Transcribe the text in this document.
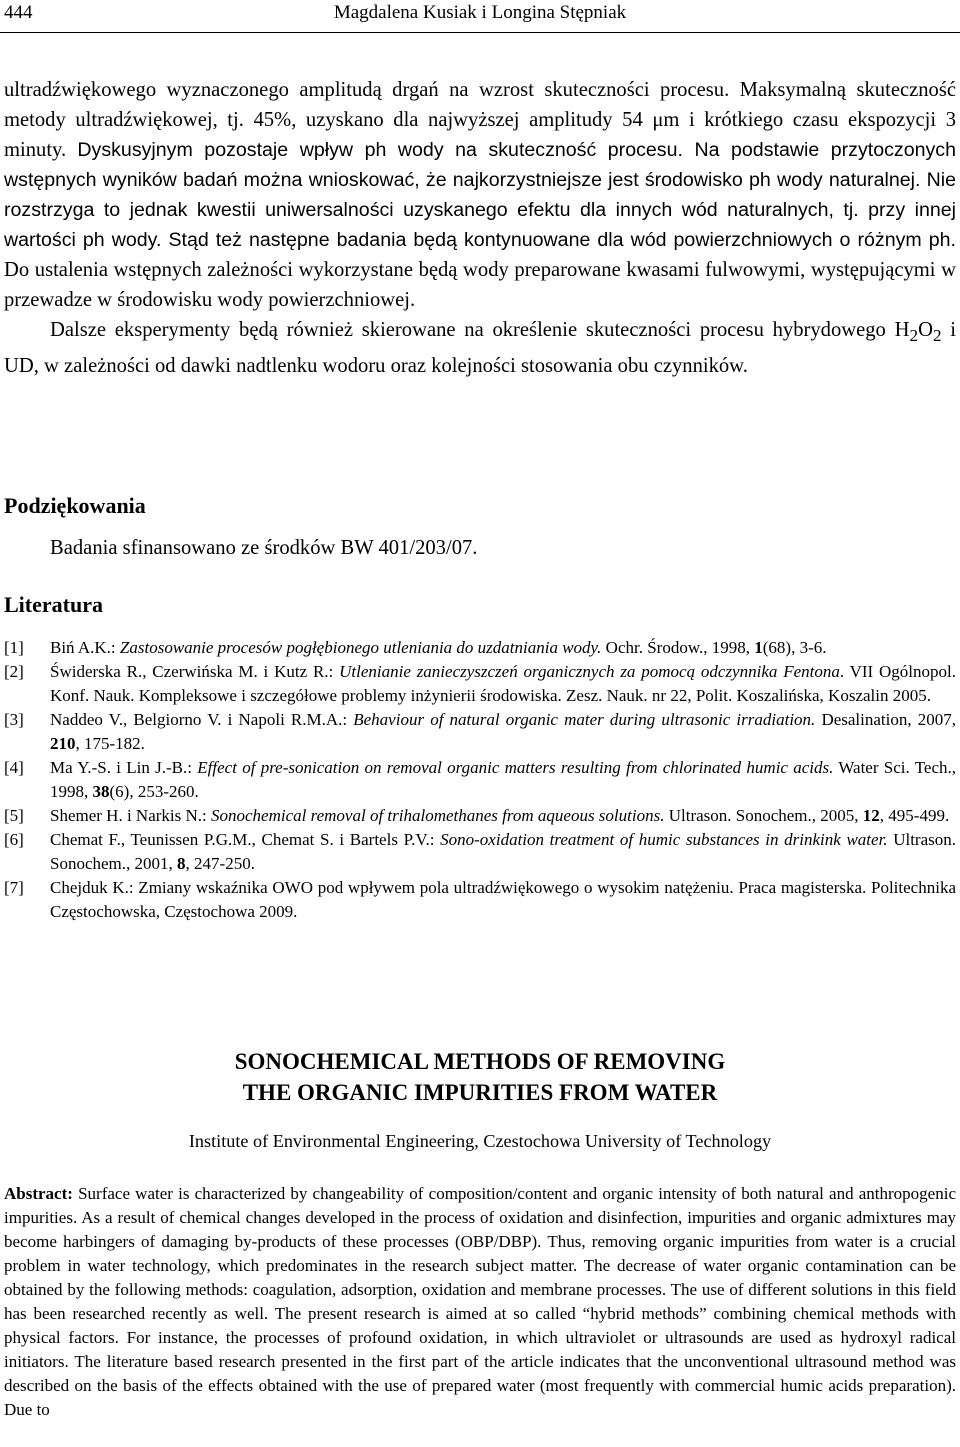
444	Magdalena Kusiak i Longina Stępniak

ultradźwiękowego wyznaczonego amplitudą drgań na wzrost skuteczności procesu. Maksymalną skuteczność metody ultradźwiękowej, tj. 45%, uzyskano dla najwyższej amplitudy 54 μm i krótkiego czasu ekspozycji 3 minuty. Dyskusyjnym pozostaje wpływ ph wody na skuteczność procesu. Na podstawie przytoczonych wstępnych wyników badań można wnioskować, że najkorzystniejsze jest środowisko ph wody naturalnej. Nie rozstrzyga to jednak kwestii uniwersalności uzyskanego efektu dla innych wód naturalnych, tj. przy innej wartości ph wody. Stąd też następne badania będą kontynuowane dla wód powierzchniowych o różnym ph. Do ustalenia wstępnych zależności wykorzystane będą wody preparowane kwasami fulwowymi, występującymi w przewadze w środowisku wody powierzchniowej.

Dalsze eksperymenty będą również skierowane na określenie skuteczności procesu hybrydowego $H_2O_2$ i UD, w zależności od dawki nadtlenku wodoru oraz kolejności stosowania obu czynników.

Podziękowania
Badania sfinansowano ze środków BW 401/203/07.
Literatura
[1] Biń A.K.: Zastosowanie procesów pogłębionego utleniania do uzdatniania wody. Ochr. Środow., 1998, 1(68), 3-6.
[2] Świderska R., Czerwińska M. i Kutz R.: Utlenianie zanieczyszczeń organicznych za pomocą odczynnika Fentona. VII Ogólnopol. Konf. Nauk. Kompleksowe i szczegółowe problemy inżynierii środowiska. Zesz. Nauk. nr 22, Polit. Koszalińska, Koszalin 2005.
[3] Naddeo V., Belgiorno V. i Napoli R.M.A.: Behaviour of natural organic mater during ultrasonic irradiation. Desalination, 2007, 210, 175-182.
[4] Ma Y.-S. i Lin J.-B.: Effect of pre-sonication on removal organic matters resulting from chlorinated humic acids. Water Sci. Tech., 1998, 38(6), 253-260.
[5] Shemer H. i Narkis N.: Sonochemical removal of trihalomethanes from aqueous solutions. Ultrason. Sonochem., 2005, 12, 495-499.
[6] Chemat F., Teunissen P.G.M., Chemat S. i Bartels P.V.: Sono-oxidation treatment of humic substances in drinkink water. Ultrason. Sonochem., 2001, 8, 247-250.
[7] Chejduk K.: Zmiany wskaźnika OWO pod wpływem pola ultradźwiękowego o wysokim natężeniu. Praca magisterska. Politechnika Częstochowska, Częstochowa 2009.
SONOCHEMICAL METHODS OF REMOVING
THE ORGANIC IMPURITIES FROM WATER
Institute of Environmental Engineering, Czestochowa University of Technology
Abstract: Surface water is characterized by changeability of composition/content and organic intensity of both natural and anthropogenic impurities. As a result of chemical changes developed in the process of oxidation and disinfection, impurities and organic admixtures may become harbingers of damaging by-products of these processes (OBP/DBP). Thus, removing organic impurities from water is a crucial problem in water technology, which predominates in the research subject matter. The decrease of water organic contamination can be obtained by the following methods: coagulation, adsorption, oxidation and membrane processes. The use of different solutions in this field has been researched recently as well. The present research is aimed at so called “hybrid methods” combining chemical methods with physical factors. For instance, the processes of profound oxidation, in which ultraviolet or ultrasounds are used as hydroxyl radical initiators. The literature based research presented in the first part of the article indicates that the unconventional ultrasound method was described on the basis of the effects obtained with the use of prepared water (most frequently with commercial humic acids preparation). Due to
